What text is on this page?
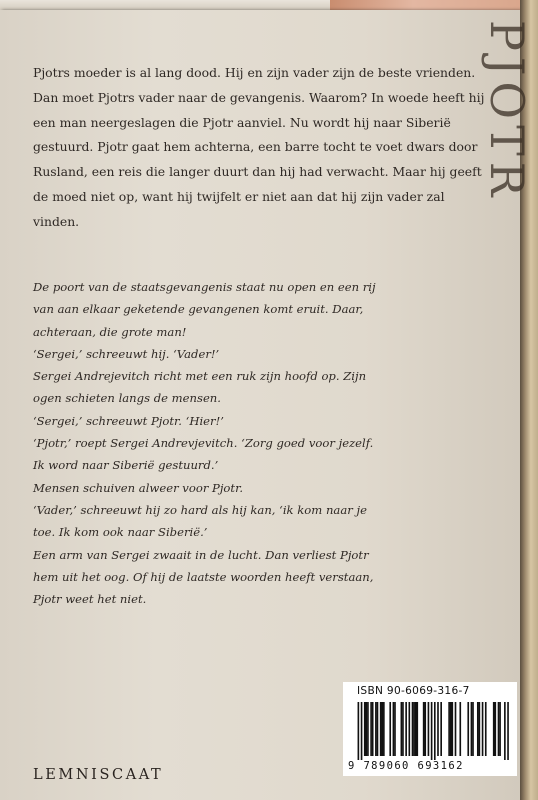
Pjotrs moeder is al lang dood. Hij en zijn vader zijn de beste vrienden. Dan moet Pjotrs vader naar de gevangenis. Waarom? In woede heeft hij een man neergeslagen die Pjotr aanviel. Nu wordt hij naar Siberië gestuurd. Pjotr gaat hem achterna, een barre tocht te voet dwars door Rusland, een reis die langer duurt dan hij had verwacht. Maar hij geeft de moed niet op, want hij twijfelt er niet aan dat hij zijn vader zal vinden.

De poort van de staatsgevangenis staat nu open en een rij
van aan elkaar geketende gevangenen komt eruit. Daar,
achteraan, die grote man!
‘Sergei,’ schreeuwt hij. ‘Vader!’
Sergei Andrejevitch richt met een ruk zijn hoofd op. Zijn
ogen schieten langs de mensen.
‘Sergei,’ schreeuwt Pjotr. ‘Hier!’
‘Pjotr,’ roept Sergei Andrevjevitch. ‘Zorg goed voor jezelf.
Ik word naar Siberië gestuurd.’
Mensen schuiven alweer voor Pjotr.
‘Vader,’ schreeuwt hij zo hard als hij kan, ‘ik kom naar je
toe. Ik kom ook naar Siberië.’
Een arm van Sergei zwaait in de lucht. Dan verliest Pjotr
hem uit het oog. Of hij de laatste woorden heeft verstaan,
Pjotr weet het niet.

LEMNISCAAT
ISBN 90-6069-316-7
9 789060 693162
PJOTR
